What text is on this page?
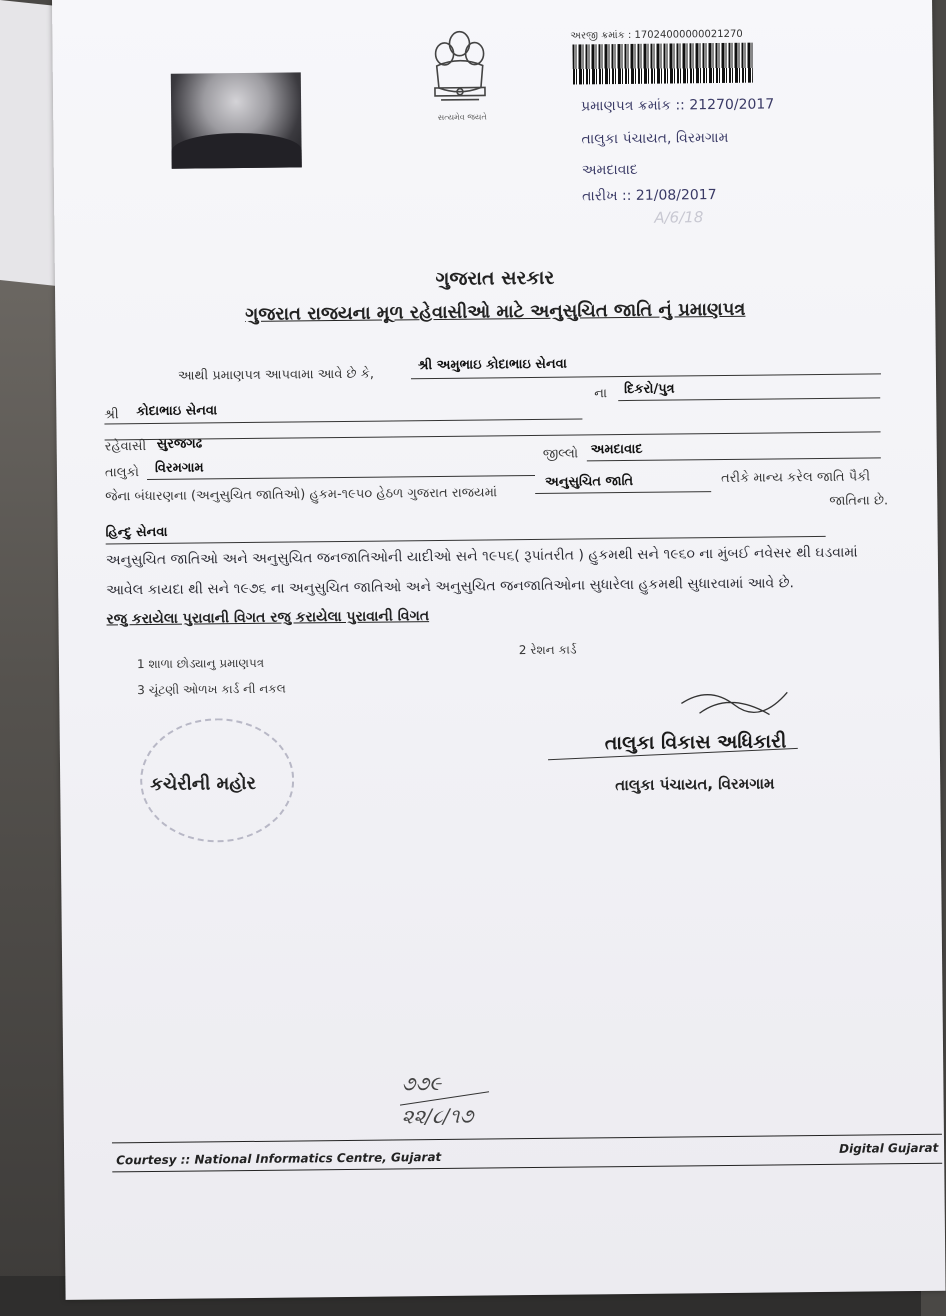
સત્યમેવ જયતે
અરજી ક્રમાંક : 17024000000021270
પ્રમાણપત્ર ક્રમાંક :: 21270/2017
તાલુકા પંચાયત, વિરમગામ
અમદાવાદ
તારીખ :: 21/08/2017
A/6/18
ગુજરાત સરકાર
ગુજરાત રાજયના મૂળ રહેવાસીઓ માટે અનુસુચિત જાતિ નું પ્રમાણપત્ર
આથી પ્રમાણપત્ર આપવામા આવે છે કે,
શ્રી અમુભાઇ કોદાભાઇ સેનવા
શ્રી કોદાભાઇ સેનવા
ના દિકરો/પુત્ર
રહેવાસી સુરજગઢ
તાલુકો વિરમગામ
જીલ્લો અમદાવાદ
જેના બંધારણના (અનુસુચિત જાતિઓ) હુકમ-૧૯૫૦ હેઠળ ગુજરાત રાજયમાં
અનુસુચિત જાતિ	તરીકે માન્ય કરેલ જાતિ પૈકી
જાતિના છે.
હિન્દુ સેનવા
અનુસુચિત જાતિઓ અને અનુસુચિત જનજાતિઓની યાદીઓ સને ૧૯૫૬( રૂપાંતરીત ) હુકમથી સને ૧૯૬૦ ના મુંબઈ નવેસર થી ઘડવામાં
આવેલ કાયદા થી સને ૧૯૭૬ ના અનુસુચિત જાતિઓ અને અનુસુચિત જનજાતિઓના સુધારેલા હુકમથી સુધારવામાં આવે છે.
રજુ કરાયેલા પુરાવાની વિગત રજુ કરાયેલા પુરાવાની વિગત
1 શાળા છોડ્યાનુ પ્રમાણપત્ર
2 રેશન કાર્ડ
3 ચૂંટણી ઓળખ કાર્ડ ની નકલ
કચેરીની મહોર
તાલુકા વિકાસ અધિકારી
તાલુકા પંચાયત, વિરમગામ
૭૭૯
૨૨/૮/૧૭
Courtesy :: National Informatics Centre, Gujarat
Digital Gujarat
